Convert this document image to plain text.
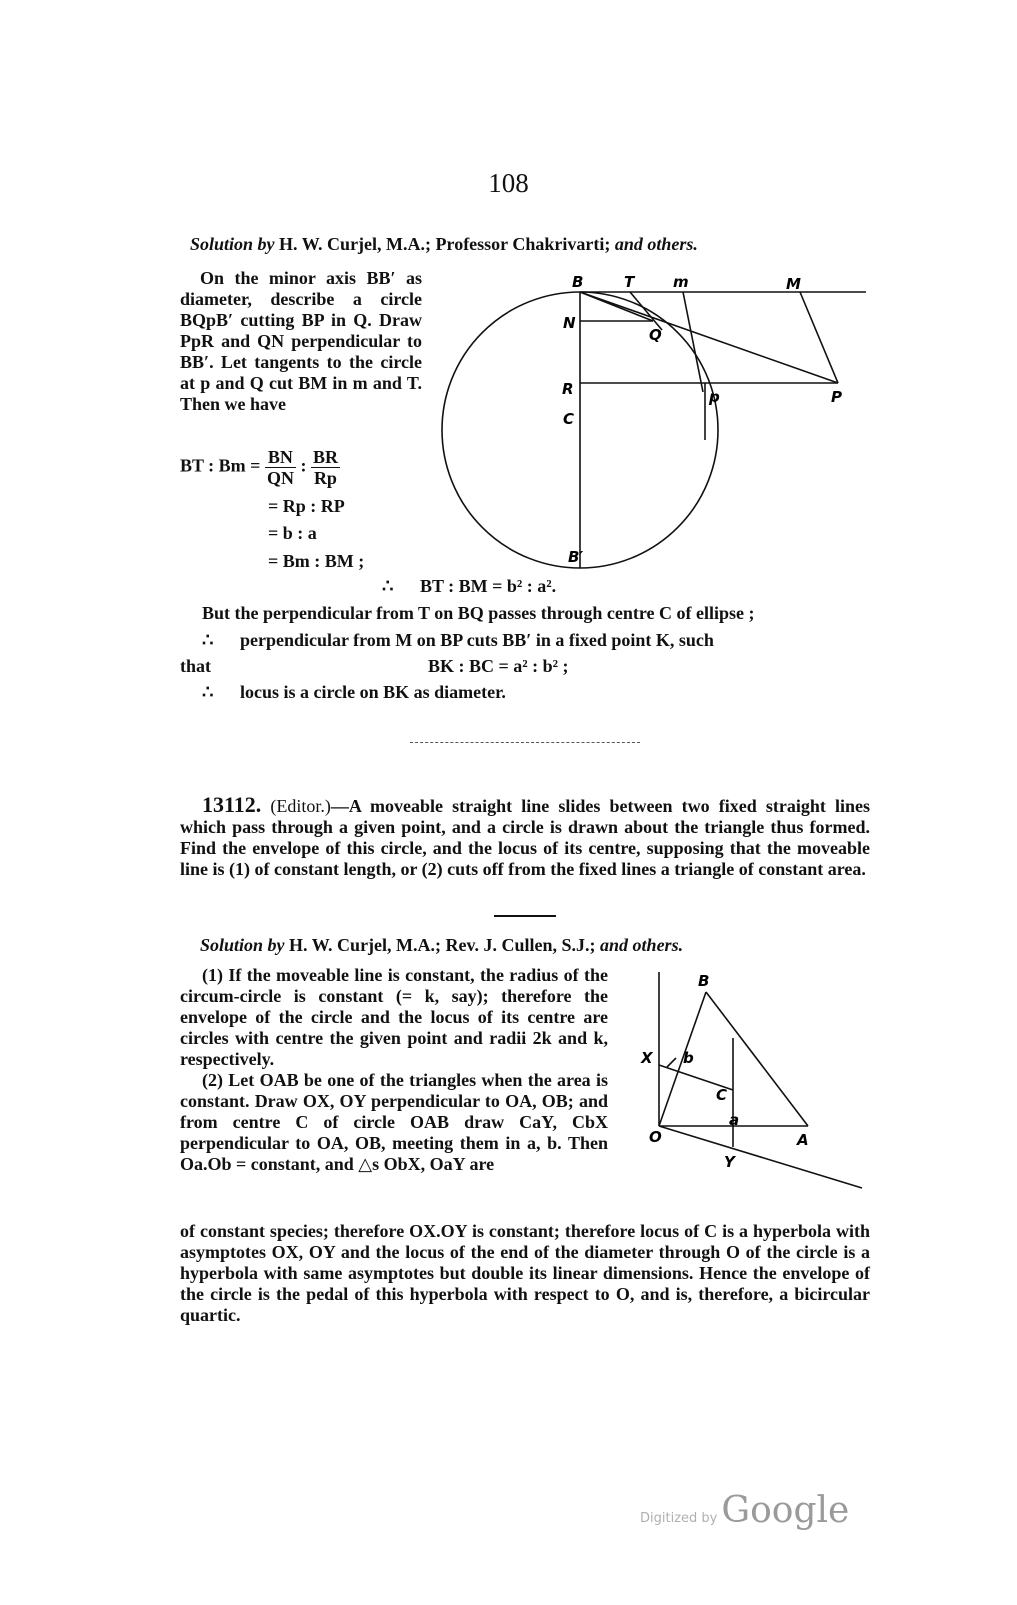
108
Solution by H. W. Curjel, M.A.; Professor Chakrivarti; and others.

On the minor axis BB′ as diameter, describe a circle BQpB′ cutting BP in Q. Draw PpR and QN perpendicular to BB′. Let tangents to the circle at p and Q cut BM in m and T. Then we have

BT : $Bm = \frac{BN}{QN}$ : $\frac{BR}{Rp}$
= Rp : RP
= b : a
= Bm : BM ;
∴ BT : BM = b² : a².
B	T	m	M
N
Q
R
C
p	P
B′
But the perpendicular from T on BQ passes through centre C of ellipse ;
∴ perpendicular from M on BP cuts BB′ in a fixed point K, such
that	BK : BC = a² : b² ;
∴ locus is a circle on BK as diameter.

13112. (Editor.)—A moveable straight line slides between two fixed straight lines which pass through a given point, and a circle is drawn about the triangle thus formed. Find the envelope of this circle, and the locus of its centre, supposing that the moveable line is (1) of constant length, or (2) cuts off from the fixed lines a triangle of constant area.

Solution by H. W. Curjel, M.A.; Rev. J. Cullen, S.J.; and others.

(1) If the moveable line is constant, the radius of the circum-circle is constant (= k, say); therefore the envelope of the circle and the locus of its centre are circles with centre the given point and radii 2k and k, respectively.

(2) Let OAB be one of the triangles when the area is constant. Draw OX, OY perpendicular to OA, OB; and from centre C of circle OAB draw CaY, CbX perpendicular to OA, OB, meeting them in a, b. Then Oa.Ob = constant, and △s ObX, OaY are

of constant species; therefore OX.OY is constant; therefore locus of C is a hyperbola with asymptotes OX, OY and the locus of the end of the diameter through O of the circle is a hyperbola with same asymptotes but double its linear dimensions. Hence the envelope of the circle is the pedal of this hyperbola with respect to O, and is, therefore, a bicircular quartic.

B
X b
C
a
O	A
Y
Digitized by Google
